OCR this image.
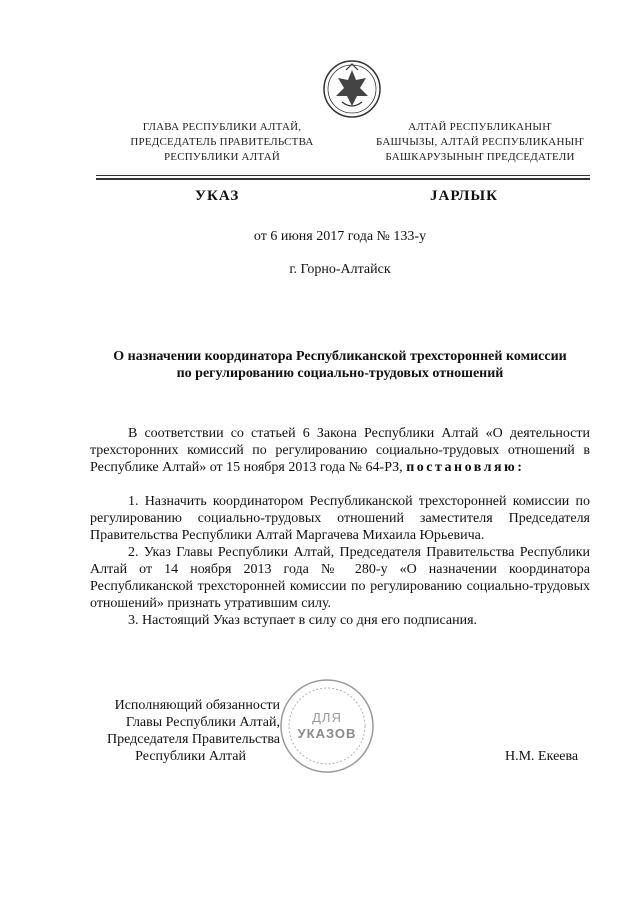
ГЛАВА РЕСПУБЛИКИ АЛТАЙ,
ПРЕДСЕДАТЕЛЬ ПРАВИТЕЛЬСТВА
РЕСПУБЛИКИ АЛТАЙ
АЛТАЙ РЕСПУБЛИКАНЫҤ
БАШЧЫЗЫ, АЛТАЙ РЕСПУБЛИКАНЫҤ
БАШКАРУЗЫНЫҤ ПРЕДСЕДАТЕЛИ
УКАЗ	JАРЛЫК
от 6 июня 2017 года № 133-у
г. Горно-Алтайск
О назначении координатора Республиканской трехсторонней комиссии
по регулированию социально-трудовых отношений

В соответствии со статьей 6 Закона Республики Алтай «О деятельности трехсторонних комиссий по регулированию социально-трудовых отношений в Республике Алтай» от 15 ноября 2013 года № 64-РЗ, постановляю:

1. Назначить координатором Республиканской трехсторонней комиссии по регулированию социально-трудовых отношений заместителя Председателя Правительства Республики Алтай Маргачева Михаила Юрьевича.

2. Указ Главы Республики Алтай, Председателя Правительства Республики Алтай от 14 ноября 2013 года № 280-у «О назначении координатора Республиканской трехсторонней комиссии по регулированию социально-трудовых отношений» признать утратившим силу.

3. Настоящий Указ вступает в силу со дня его подписания.

Исполняющий обязанности
Главы Республики Алтай,
Председателя Правительства
Республики Алтай	Н.М. Екеева
ДЛЯ
УКАЗОВ
